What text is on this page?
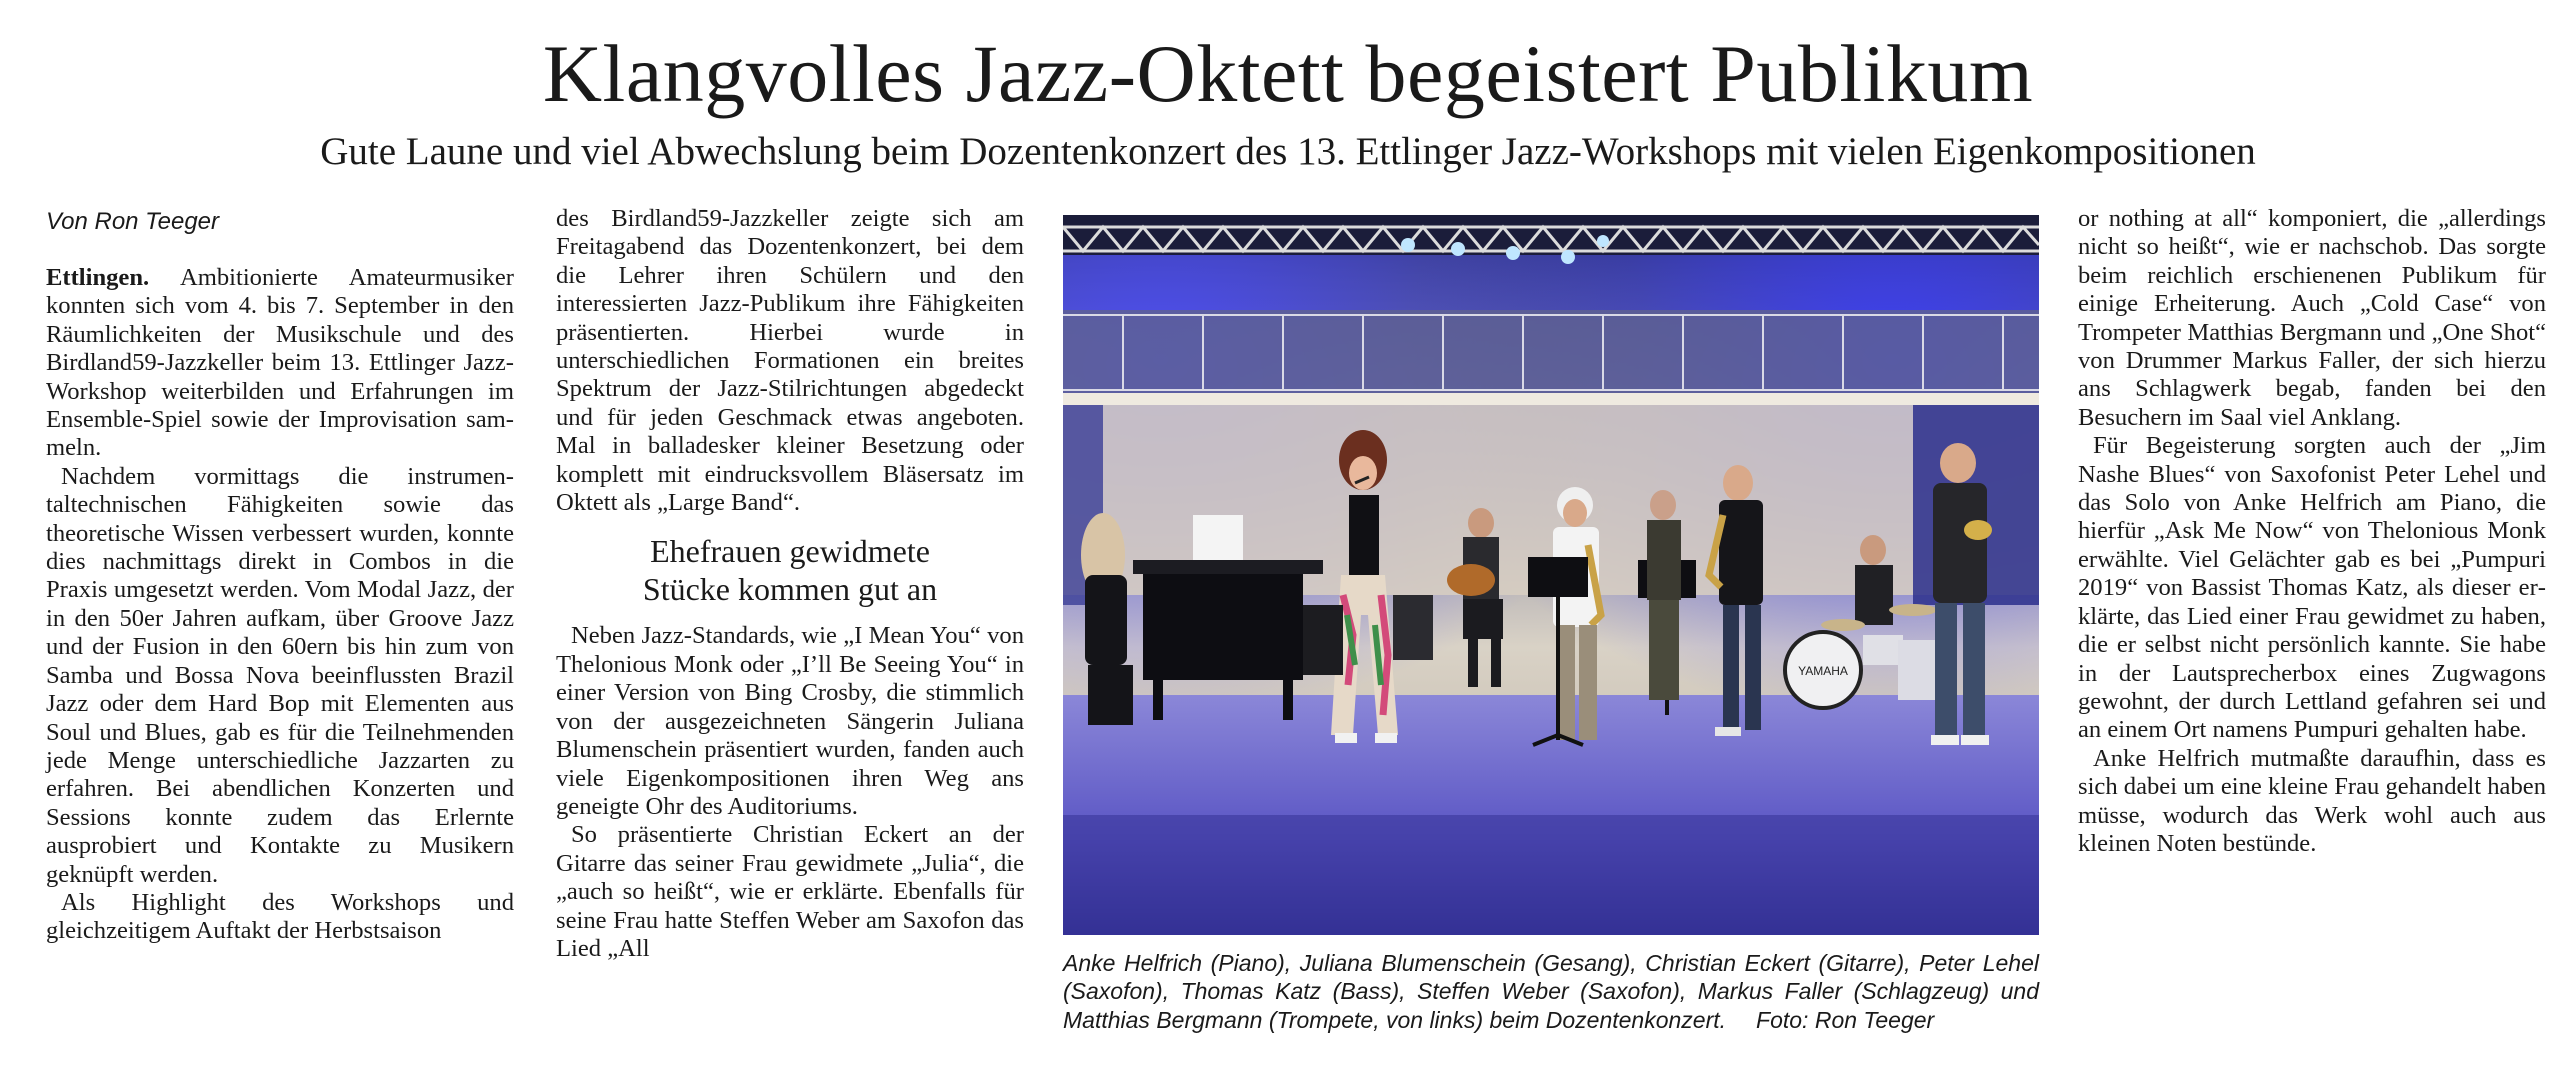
Klangvolles Jazz-Oktett begeistert Publikum
Gute Laune und viel Abwechslung beim Dozentenkonzert des 13. Ettlinger Jazz-Workshops mit vielen Eigenkompositionen
Von Ron Teeger

Ettlingen. Ambitionierte Amateurmusiker konnten sich vom 4. bis 7. September in den Räumlichkeiten der Musikschule und des Birdland59-Jazzkeller beim 13. Ettlinger Jazz-Workshop weiterbilden und Erfahrungen im Ensemble-Spiel sowie der Improvisation sammeln.

Nachdem vormittags die instrumentaltechnischen Fähigkeiten sowie das theoretische Wissen verbessert wurden, konnte dies nachmittags direkt in Combos in die Praxis umgesetzt werden. Vom Modal Jazz, der in den 50er Jahren aufkam, über Groove Jazz und der Fusion in den 60ern bis hin zum von Samba und Bossa Nova beeinflussten Brazil Jazz oder dem Hard Bop mit Elementen aus Soul und Blues, gab es für die Teilnehmenden jede Menge unterschiedliche Jazzarten zu erfahren. Bei abendlichen Konzerten und Sessions konnte zudem das Erlernte ausprobiert und Kontakte zu Musikern geknüpft werden.

Als Highlight des Workshops und gleichzeitigem Auftakt der Herbstsaison

des Birdland59-Jazzkeller zeigte sich am Freitagabend das Dozentenkonzert, bei dem die Lehrer ihren Schülern und den interessierten Jazz-Publikum ihre Fähigkeiten präsentierten. Hierbei wurde in unterschiedlichen Formationen ein breites Spektrum der Jazz-Stilrichtungen abgedeckt und für jeden Geschmack etwas angeboten. Mal in balladesker kleiner Besetzung oder komplett mit eindrucksvollem Bläsersatz im Oktett als „Large Band“.

Ehefrauen gewidmete
Stücke kommen gut an

Neben Jazz-Standards, wie „I Mean You“ von Thelonious Monk oder „I’ll Be Seeing You“ in einer Version von Bing Crosby, die stimmlich von der ausgezeichneten Sängerin Juliana Blumenschein präsentiert wurden, fanden auch viele Eigenkompositionen ihren Weg ans geneigte Ohr des Auditoriums.

So präsentierte Christian Eckert an der Gitarre das seiner Frau gewidmete „Julia“, die „auch so heißt“, wie er erklärte. Ebenfalls für seine Frau hatte Steffen Weber am Saxofon das Lied „All

YAMAHA
Anke Helfrich (Piano), Juliana Blumenschein (Gesang), Christian Eckert (Gitarre), Peter Lehel (Saxofon), Thomas Katz (Bass), Steffen Weber (Saxofon), Markus Faller (Schlagzeug) und Matthias Bergmann (Trompete, von links) beim Dozentenkonzert. Foto: Ron Teeger

or nothing at all“ komponiert, die „allerdings nicht so heißt“, wie er nachschob. Das sorgte beim reichlich erschienenen Publikum für einige Erheiterung. Auch „Cold Case“ von Trompeter Matthias Bergmann und „One Shot“ von Drummer Markus Faller, der sich hierzu ans Schlagwerk begab, fanden bei den Besuchern im Saal viel Anklang.

Für Begeisterung sorgten auch der „Jim Nashe Blues“ von Saxofonist Peter Lehel und das Solo von Anke Helfrich am Piano, die hierfür „Ask Me Now“ von Thelonious Monk erwählte. Viel Gelächter gab es bei „Pumpuri 2019“ von Bassist Thomas Katz, als dieser erklärte, das Lied einer Frau gewidmet zu haben, die er selbst nicht persönlich kannte. Sie habe in der Lautsprecherbox eines Zugwagons gewohnt, der durch Lettland gefahren sei und an einem Ort namens Pumpuri gehalten habe.

Anke Helfrich mutmaßte daraufhin, dass es sich dabei um eine kleine Frau gehandelt haben müsse, wodurch das Werk wohl auch aus kleinen Noten bestünde.
